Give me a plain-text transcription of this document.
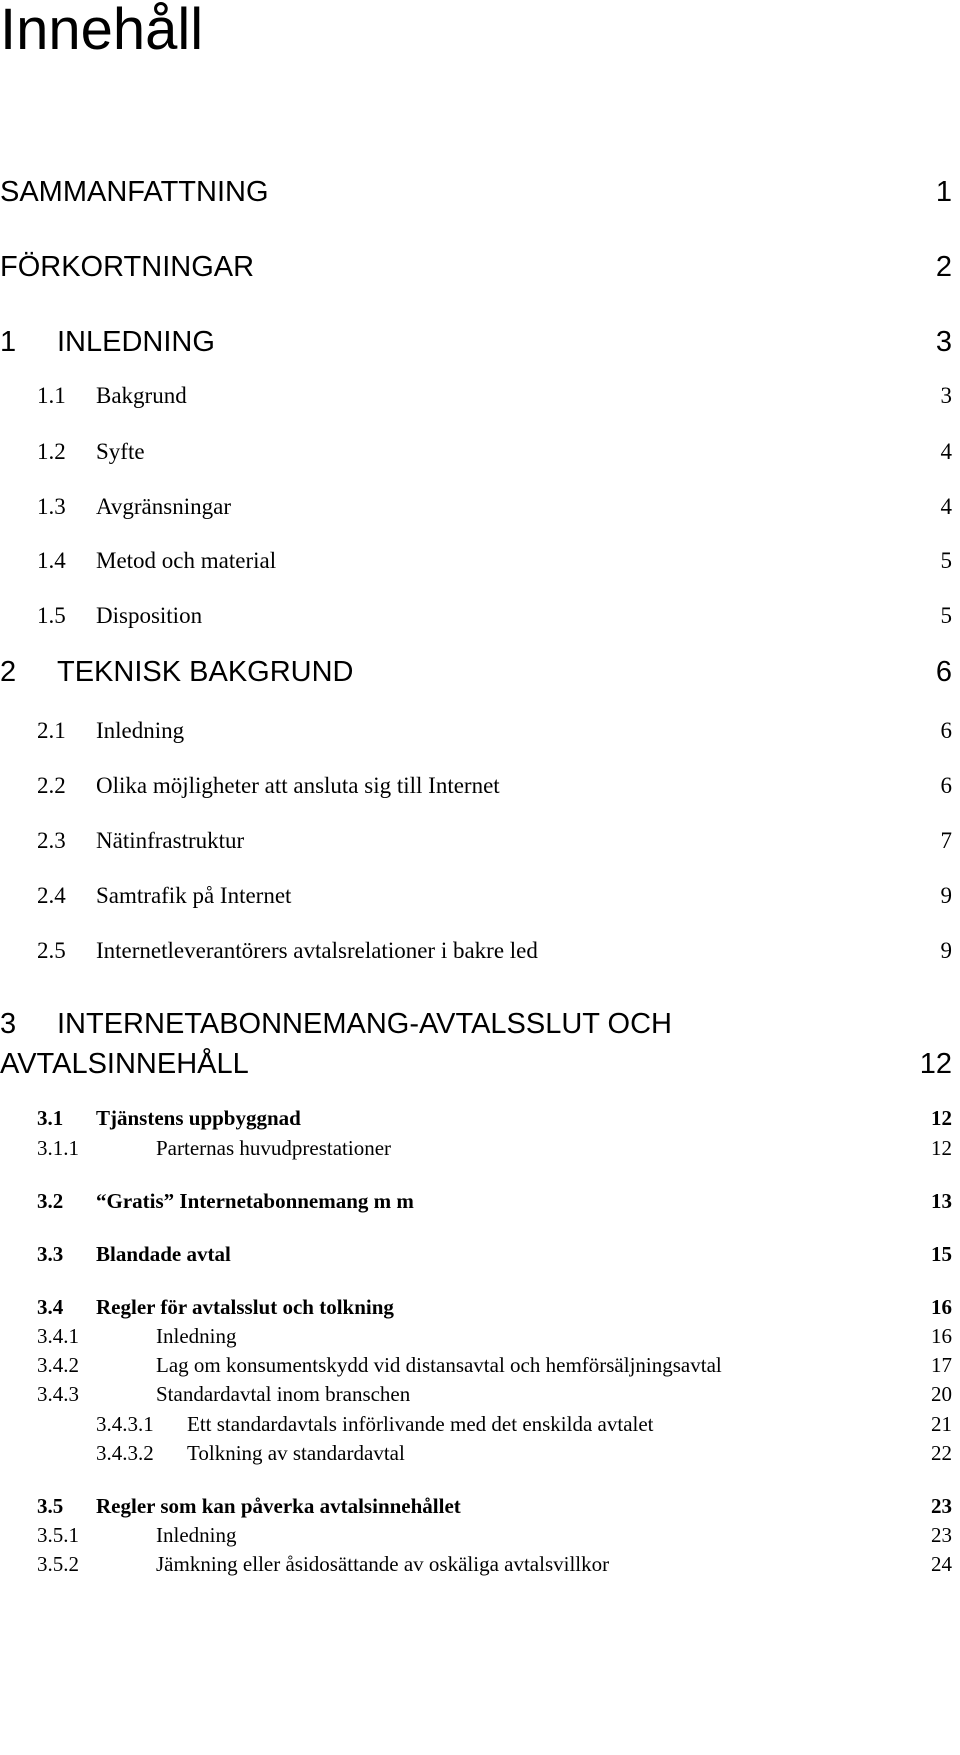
Innehåll
SAMMANFATTNING	1
FÖRKORTNINGAR	2
1 INLEDNING	3
1.1 Bakgrund	3
1.2 Syfte	4
1.3 Avgränsningar	4
1.4 Metod och material	5
1.5 Disposition	5
2 TEKNISK BAKGRUND	6
2.1 Inledning	6
2.2 Olika möjligheter att ansluta sig till Internet	6
2.3 Nätinfrastruktur	7
2.4 Samtrafik på Internet	9
2.5 Internetleverantörers avtalsrelationer i bakre led	9
3 INTERNETABONNEMANG-AVTALSSLUT OCH
AVTALSINNEHÅLL	12
3.1 Tjänstens uppbyggnad	12
3.1.1	Parternas huvudprestationer	12
3.2 “Gratis” Internetabonnemang m m	13
3.3 Blandade avtal	15
3.4 Regler för avtalsslut och tolkning	16
3.4.1	Inledning	16
3.4.2	Lag om konsumentskydd vid distansavtal och hemförsäljningsavtal	17
3.4.3	Standardavtal inom branschen	20
3.4.3.1 Ett standardavtals införlivande med det enskilda avtalet	21
3.4.3.2 Tolkning av standardavtal	22
3.5 Regler som kan påverka avtalsinnehållet	23
3.5.1	Inledning	23
3.5.2	Jämkning eller åsidosättande av oskäliga avtalsvillkor	24
